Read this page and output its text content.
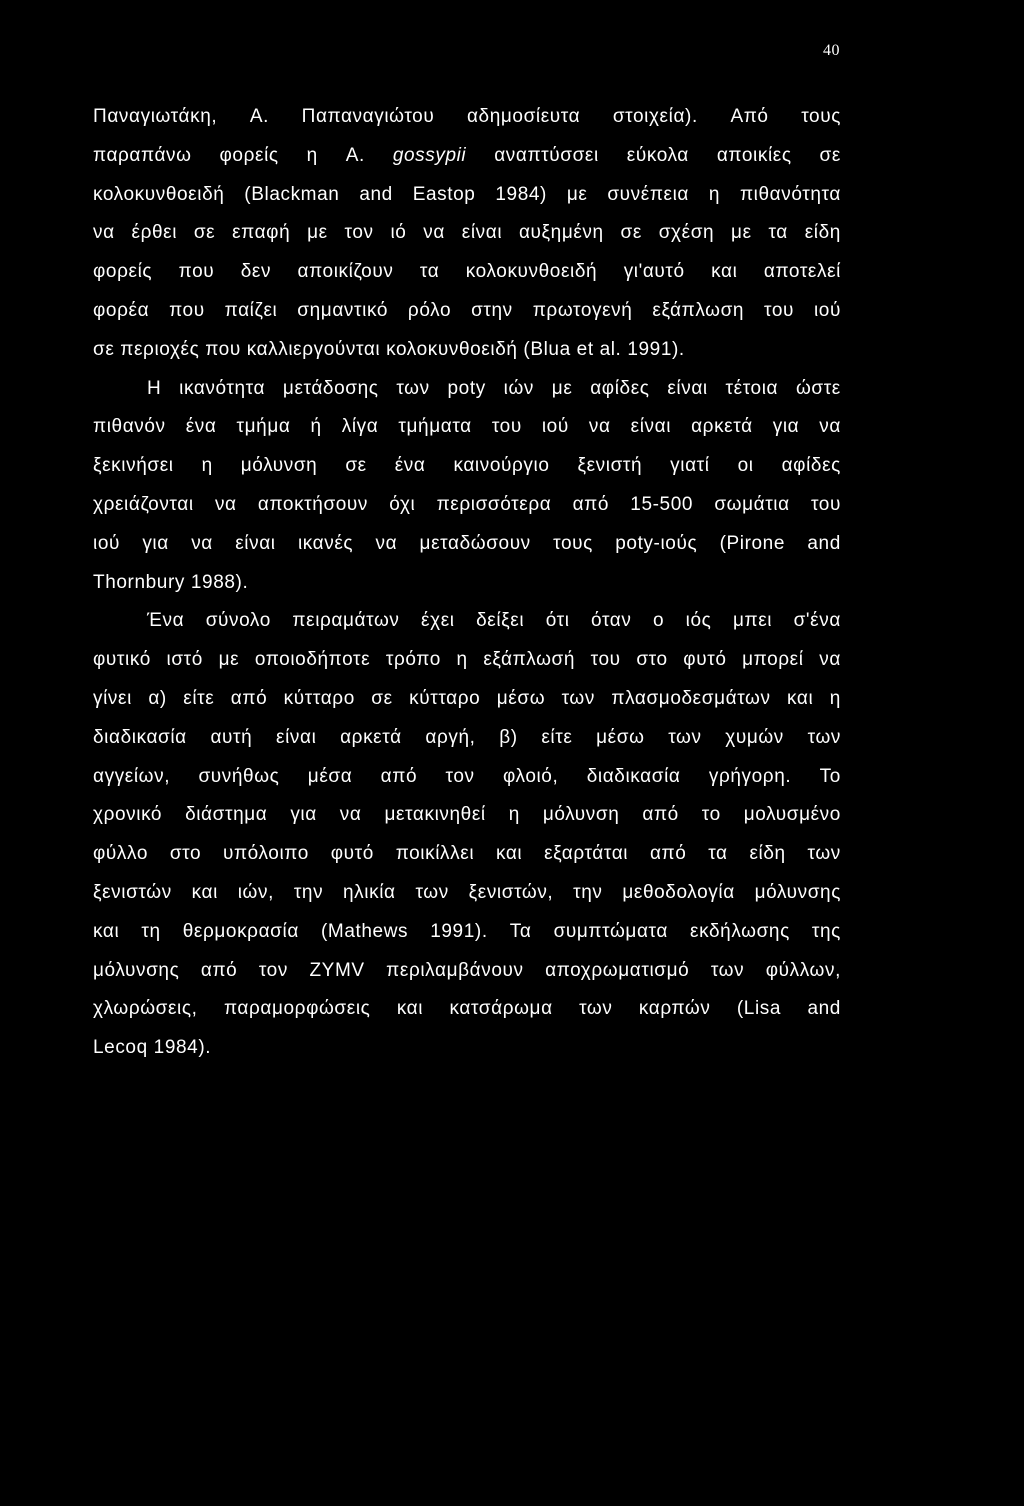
40
Παναγιωτάκη, Α. Παπαναγιώτου αδημοσίευτα στοιχεία). Από τους
παραπάνω φορείς η Α. gossypii αναπτύσσει εύκολα αποικίες σε
κολοκυνθοειδή (Blackman and Eastop 1984) με συνέπεια η πιθανότητα
να έρθει σε επαφή με τον ιό να είναι αυξημένη σε σχέση με τα είδη
φορείς που δεν αποικίζουν τα κολοκυνθοειδή γι'αυτό και αποτελεί
φορέα που παίζει σημαντικό ρόλο στην πρωτογενή εξάπλωση του ιού
σε περιοχές που καλλιεργούνται κολοκυνθοειδή (Blua et al. 1991).
Η ικανότητα μετάδοσης των poty ιών με αφίδες είναι τέτοια ώστε
πιθανόν ένα τμήμα ή λίγα τμήματα του ιού να είναι αρκετά για να
ξεκινήσει η μόλυνση σε ένα καινούργιο ξενιστή γιατί οι αφίδες
χρειάζονται να αποκτήσουν όχι περισσότερα από 15-500 σωμάτια του
ιού για να είναι ικανές να μεταδώσουν τους poty-ιούς (Pirone and
Thornbury 1988).
Ένα σύνολο πειραμάτων έχει δείξει ότι όταν ο ιός μπει σ'ένα
φυτικό ιστό με οποιοδήποτε τρόπο η εξάπλωσή του στο φυτό μπορεί να
γίνει α) είτε από κύτταρο σε κύτταρο μέσω των πλασμοδεσμάτων και η
διαδικασία αυτή είναι αρκετά αργή, β) είτε μέσω των χυμών των
αγγείων, συνήθως μέσα από τον φλοιό, διαδικασία γρήγορη. Το
χρονικό διάστημα για να μετακινηθεί η μόλυνση από το μολυσμένο
φύλλο στο υπόλοιπο φυτό ποικίλλει και εξαρτάται από τα είδη των
ξενιστών και ιών, την ηλικία των ξενιστών, την μεθοδολογία μόλυνσης
και τη θερμοκρασία (Mathews 1991). Τα συμπτώματα εκδήλωσης της
μόλυνσης από τον ΖΥΜV περιλαμβάνουν αποχρωματισμό των φύλλων,
χλωρώσεις, παραμορφώσεις και κατσάρωμα των καρπών (Lisa and
Lecoq 1984).
